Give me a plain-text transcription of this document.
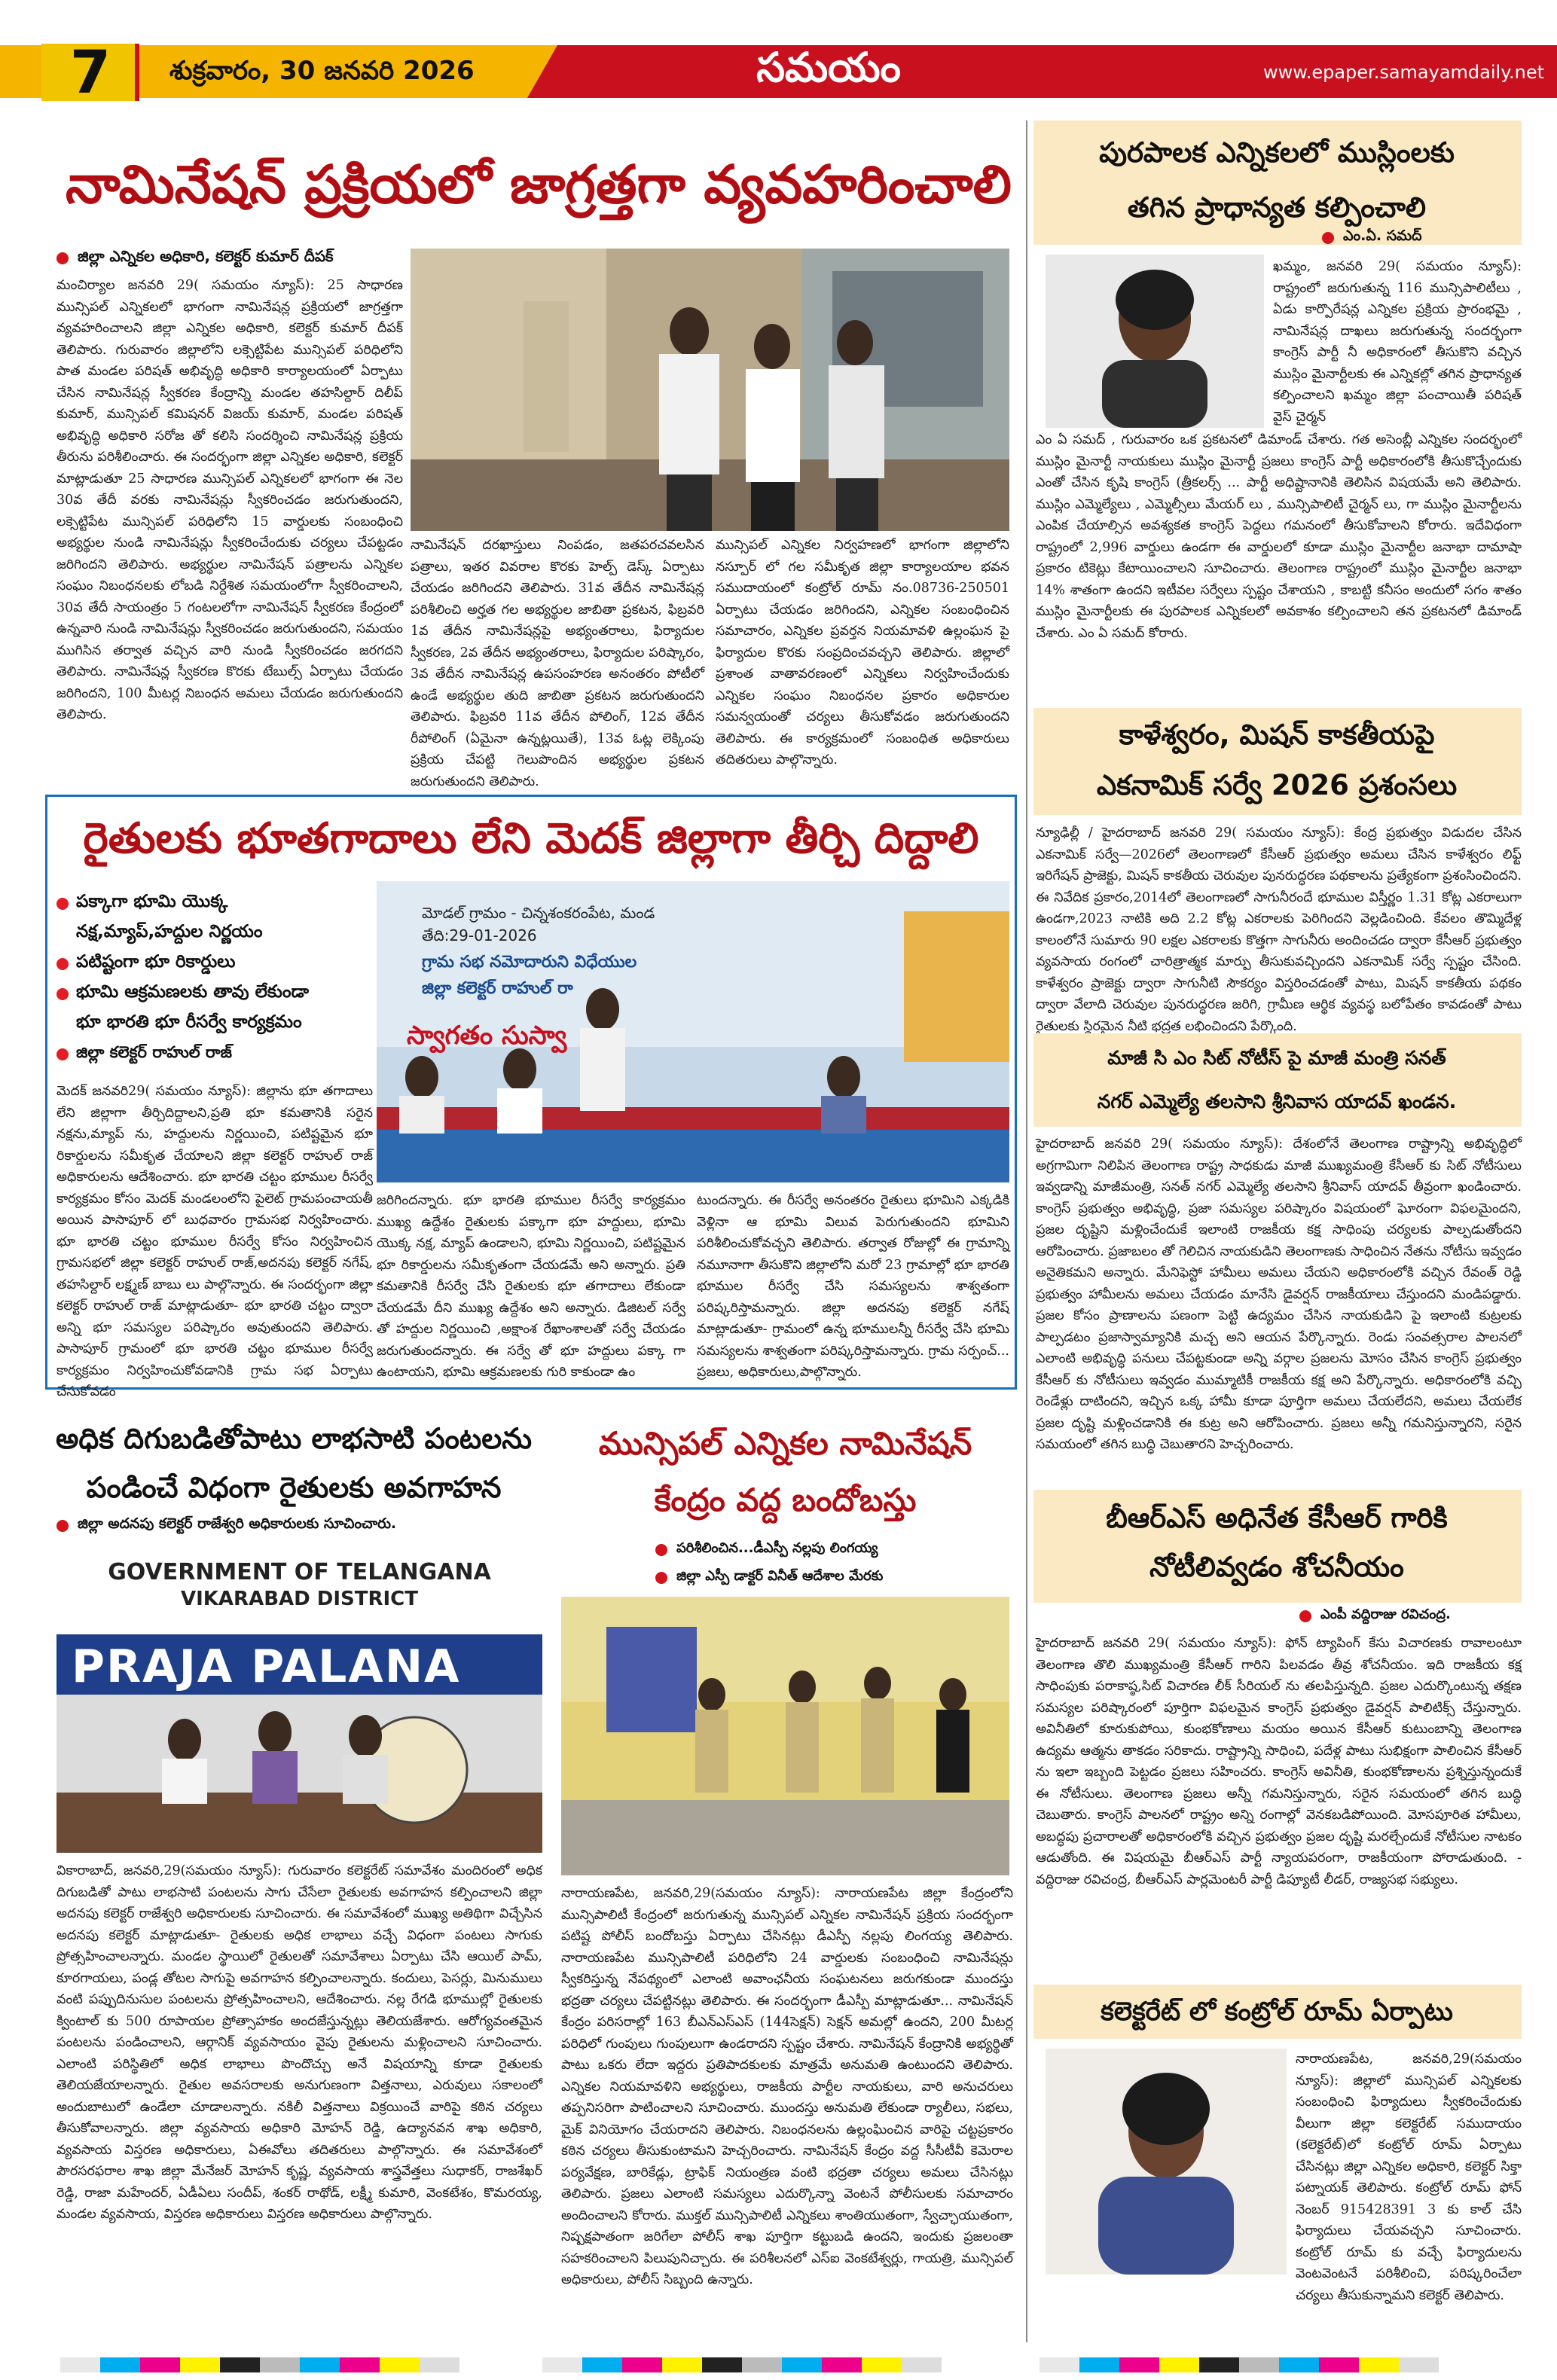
7	శుక్రవారం, 30 జనవరి 2026	సమయం	www.epaper.samayamdaily.net
నామినేషన్ ప్రక్రియలో జాగ్రత్తగా వ్యవహరించాలి
జిల్లా ఎన్నికల అధికారి, కలెక్టర్ కుమార్ దీపక్
మంచిర్యాల జనవరి 29( సమయం న్యూస్): 25 సాధారణ మున్సిపల్ ఎన్నికలలో భాగంగా నామినేషన్ల ప్రక్రియలో జాగ్రత్తగా వ్యవహరించాలని జిల్లా ఎన్నికల అధికారి, కలెక్టర్ కుమార్ దీపక్ తెలిపారు. గురువారం జిల్లాలోని లక్సెట్టిపేట మున్సిపల్ పరిధిలోని పాత మండల పరిషత్ అభివృద్ధి అధికారి కార్యాలయంలో ఏర్పాటు చేసిన నామినేషన్ల స్వీకరణ కేంద్రాన్ని మండల తహసిల్దార్ దిలీప్ కుమార్, మున్సిపల్ కమిషనర్ విజయ్ కుమార్, మండల పరిషత్ అభివృద్ధి అధికారి సరోజ తో కలిసి సందర్శించి నామినేషన్ల ప్రక్రియ తీరును పరిశీలించారు. ఈ సందర్భంగా జిల్లా ఎన్నికల అధికారి, కలెక్టర్ మాట్లాడుతూ 25 సాధారణ మున్సిపల్ ఎన్నికలలో భాగంగా ఈ నెల 30వ తేదీ వరకు నామినేషన్లు స్వీకరించడం జరుగుతుందని, లక్సెట్టిపేట మున్సిపల్ పరిధిలోని 15 వార్డులకు సంబంధించి అభ్యర్థుల నుండి నామినేషన్లు స్వీకరించేందుకు చర్యలు చేపట్టడం జరిగిందని తెలిపారు. అభ్యర్థుల నామినేషన్ పత్రాలను ఎన్నికల సంఘం నిబంధనలకు లోబడి నిర్దేశిత సమయంలోగా స్వీకరించాలని, 30వ తేదీ సాయంత్రం 5 గంటలలోగా నామినేషన్ స్వీకరణ కేంద్రంలో ఉన్నవారి నుండి నామినేషన్లు స్వీకరించడం జరుగుతుందని, సమయం ముగిసిన తర్వాత వచ్చిన వారి నుండి స్వీకరించడం జరగదని తెలిపారు. నామినేషన్ల స్వీకరణ కొరకు టేబుల్స్ ఏర్పాటు చేయడం జరిగిందని, 100 మీటర్ల నిబంధన అమలు చేయడం జరుగుతుందని తెలిపారు.
నామినేషన్ దరఖాస్తులు నింపడం, జతపరచవలసిన పత్రాలు, ఇతర వివరాల కొరకు హెల్ప్ డెస్క్ ఏర్పాటు చేయడం జరిగిందని తెలిపారు. 31వ తేదీన నామినేషన్ల పరిశీలించి అర్హత గల అభ్యర్థుల జాబితా ప్రకటన, ఫిబ్రవరి 1వ తేదీన నామినేషన్లపై అభ్యంతరాలు, ఫిర్యాదుల స్వీకరణ, 2వ తేదీన అభ్యంతరాలు, ఫిర్యాదుల పరిష్కారం, 3వ తేదీన నామినేషన్ల ఉపసంహరణ అనంతరం పోటీలో ఉండే అభ్యర్థుల తుది జాబితా ప్రకటన జరుగుతుందని తెలిపారు. ఫిబ్రవరి 11వ తేదీన పోలింగ్, 12వ తేదీన రీపోలింగ్ (ఏమైనా ఉన్నట్లయితే), 13వ ఓట్ల లెక్కింపు ప్రక్రియ చేపట్టి గెలుపొందిన అభ్యర్థుల ప్రకటన జరుగుతుందని తెలిపారు.
మున్సిపల్ ఎన్నికల నిర్వహణలో భాగంగా జిల్లాలోని నస్పూర్ లో గల సమీకృత జిల్లా కార్యాలయాల భవన సముదాయంలో కంట్రోల్ రూమ్ నం.08736-250501 ఏర్పాటు చేయడం జరిగిందని, ఎన్నికల సంబంధించిన సమాచారం, ఎన్నికల ప్రవర్తన నియమావళి ఉల్లంఘన పై ఫిర్యాదుల కొరకు సంప్రదించవచ్చని తెలిపారు. జిల్లాలో ప్రశాంత వాతావరణంలో ఎన్నికలు నిర్వహించేందుకు ఎన్నికల సంఘం నిబంధనల ప్రకారం అధికారుల సమన్వయంతో చర్యలు తీసుకోవడం జరుగుతుందని తెలిపారు. ఈ కార్యక్రమంలో సంబంధిత అధికారులు తదితరులు పాల్గొన్నారు.
రైతులకు భూతగాదాలు లేని మెదక్ జిల్లాగా తీర్చి దిద్దాలి
పక్కాగా భూమి యొక్క
నక్ష,మ్యాప్,హద్దుల నిర్ణయం
పటిష్టంగా భూ రికార్డులు
భూమి ఆక్రమణలకు తావు లేకుండా
భూ భారతి భూ రీసర్వే కార్యక్రమం
జిల్లా కలెక్టర్ రాహుల్ రాజ్
మోడల్ గ్రామం - చిన్నశంకరంపేట, మండ
తేది:29-01-2026
గ్రామ సభ నమోదారుని విధేయుల
జిల్లా కలెక్టర్ రాహుల్ రా
స్వాగతం సుస్వా
మెదక్ జనవరి29( సమయం న్యూస్): జిల్లాను భూ తగాదాలు లేని జిల్లాగా తీర్చిదిద్దాలని,ప్రతి భూ కమతానికి సరైన నక్షను,మ్యాప్ ను, హద్దులను నిర్ణయించి, పటిష్టమైన భూ రికార్డులను సమీకృత చేయాలని జిల్లా కలెక్టర్ రాహుల్ రాజ్ అధికారులను ఆదేశించారు. భూ భారతి చట్టం భూముల రీసర్వే కార్యక్రమం కోసం మెదక్ మండలంలోని పైలెట్ గ్రామపంచాయతీ అయిన పాసాపూర్ లో బుధవారం గ్రామసభ నిర్వహించారు. భూ భారతి చట్టం భూముల రీసర్వే కోసం నిర్వహించిన గ్రామసభలో జిల్లా కలెక్టర్ రాహుల్ రాజ్,అదనపు కలెక్టర్ నగేష్, తహసిల్దార్ లక్ష్మణ్ బాబు లు పాల్గొన్నారు. ఈ సందర్భంగా జిల్లా కలెక్టర్ రాహుల్ రాజ్ మాట్లాడుతూ- భూ భారతి చట్టం ద్వారా అన్ని భూ సమస్యల పరిష్కారం అవుతుందని తెలిపారు. పాసాపూర్ గ్రామంలో భూ భారతి చట్టం భూముల రీసర్వే కార్యక్రమం నిర్వహించుకోవడానికి గ్రామ సభ ఏర్పాటు చేసుకోవడం
జరిగిందన్నారు. భూ భారతి భూముల రీసర్వే కార్యక్రమం ముఖ్య ఉద్దేశం రైతులకు పక్కాగా భూ హద్దులు, భూమి యొక్క నక్ష, మ్యాప్ ఉండాలని, భూమి నిర్ణయించి, పటిష్టమైన భూ రికార్డులను సమీకృతంగా చేయడమే అని అన్నారు. ప్రతి కమతానికి రీసర్వే చేసి రైతులకు భూ తగాదాలు లేకుండా చేయడమే దీని ముఖ్య ఉద్దేశం అని అన్నారు. డిజిటల్ సర్వే తో హద్దుల నిర్ణయించి ,అక్షాంశ రేఖాంశాలతో సర్వే చేయడం జరుగుతుందన్నారు. ఈ సర్వే తో భూ హద్దులు పక్కా గా ఉంటాయని, భూమి ఆక్రమణలకు గురి కాకుండా ఉం
టుందన్నారు. ఈ రీసర్వే అనంతరం రైతులు భూమిని ఎక్కడికి వెళ్లినా ఆ భూమి విలువ పెరుగుతుందని భూమిని పరిశీలించుకోవచ్చని తెలిపారు. తర్వాత రోజుల్లో ఈ గ్రామాన్ని నమూనాగా తీసుకొని జిల్లాలోని మరో 23 గ్రామాల్లో భూ భారతి భూముల రీసర్వే చేసి సమస్యలను శాశ్వతంగా పరిష్కరిస్తామన్నారు. జిల్లా అదనపు కలెక్టర్ నగేష్ మాట్లాడుతూ- గ్రామంలో ఉన్న భూములన్నీ రీసర్వే చేసి భూమి సమస్యలను శాశ్వతంగా పరిష్కరిస్తామన్నారు. గ్రామ సర్పంచ్... ప్రజలు, అధికారులు,పాల్గొన్నారు.
అధిక దిగుబడితోపాటు లాభసాటి పంటలను
పండించే విధంగా రైతులకు అవగాహన
జిల్లా అదనపు కలెక్టర్ రాజేశ్వరి అధికారులకు సూచించారు.
GOVERNMENT OF TELANGANA
VIKARABAD DISTRICT
PRAJA PALANA
వికారాబాద్, జనవరి,29(సమయం న్యూస్): గురువారం కలెక్టరేట్ సమావేశం మందిరంలో అధిక దిగుబడితో పాటు లాభసాటి పంటలను సాగు చేసేలా రైతులకు అవగాహన కల్పించాలని జిల్లా అదనపు కలెక్టర్ రాజేశ్వరి అధికారులకు సూచించారు. ఈ సమావేశంలో ముఖ్య అతిథిగా విచ్చేసిన అదనపు కలెక్టర్ మాట్లాడుతూ- రైతులకు అధిక లాభాలు వచ్చే విధంగా పంటలు సాగుకు ప్రోత్సహించాలన్నారు. మండల స్థాయిలో రైతులతో సమావేశాలు ఏర్పాటు చేసి ఆయిల్ పామ్, కూరగాయలు, పండ్ల తోటల సాగుపై అవగాహన కల్పించాలన్నారు. కందులు, పెసర్లు, మినుములు వంటి పప్పుదినుసుల పంటలను ప్రోత్సహించాలని, ఆదేశించారు. నల్ల రేగడి భూముల్లో రైతులకు క్వింటాల్ కు 500 రూపాయల ప్రోత్సాహకం అందజేస్తున్నట్లు తెలియజేశారు. ఆరోగ్యవంతమైన పంటలను పండించాలని, ఆర్గానిక్ వ్యవసాయం వైపు రైతులను మళ్లించాలని సూచించారు. ఎలాంటి పరిస్థితిలో అధిక లాభాలు పొందొచ్చు అనే విషయాన్ని కూడా రైతులకు తెలియజేయాలన్నారు. రైతుల అవసరాలకు అనుగుణంగా విత్తనాలు, ఎరువులు సకాలంలో అందుబాటులో ఉండేలా చూడాలన్నారు. నకిలీ విత్తనాలు విక్రయించే వారిపై కఠిన చర్యలు తీసుకోవాలన్నారు. జిల్లా వ్యవసాయ అధికారి మోహన్ రెడ్డి, ఉద్యానవన శాఖ అధికారి, వ్యవసాయ విస్తరణ అధికారులు, ఏఈవోలు తదితరులు పాల్గొన్నారు. ఈ సమావేశంలో పౌరసరఫరాల శాఖ జిల్లా మేనేజర్ మోహన్ కృష్ణ, వ్యవసాయ శాస్త్రవేత్తలు సుధాకర్, రాజశేఖర్ రెడ్డి, రాజా మహేందర్, ఏడీఏలు సందీప్, శంకర్ రాథోడ్, లక్ష్మీ కుమారి, వెంకటేశం, కొమరయ్య, మండల వ్యవసాయ, విస్తరణ అధికారులు విస్తరణ అధికారులు పాల్గొన్నారు.
మున్సిపల్ ఎన్నికల నామినేషన్
కేంద్రం వద్ద బందోబస్తు
పరిశీలించిన...డీఎస్పీ నల్లపు లింగయ్య
జిల్లా ఎస్పీ డాక్టర్ వినీత్ ఆదేశాల మేరకు
నారాయణపేట, జనవరి,29(సమయం న్యూస్): నారాయణపేట జిల్లా కేంద్రంలోని మున్సిపాలిటీ కేంద్రంలో జరుగుతున్న మున్సిపల్ ఎన్నికల నామినేషన్ ప్రక్రియ సందర్భంగా పటిష్ట పోలీస్ బందోబస్తు ఏర్పాటు చేసినట్లు డీఎస్పీ నల్లపు లింగయ్య తెలిపారు. నారాయణపేట మున్సిపాలిటీ పరిధిలోని 24 వార్డులకు సంబంధించి నామినేషన్లు స్వీకరిస్తున్న నేపథ్యంలో ఎలాంటి అవాంఛనీయ సంఘటనలు జరుగకుండా ముందస్తు భద్రతా చర్యలు చేపట్టినట్లు తెలిపారు. ఈ సందర్భంగా డీఎస్పీ మాట్లాడుతూ... నామినేషన్ కేంద్రం పరిసరాల్లో 163 బీఎన్ఎస్ఎస్ (144సెక్షన్) సెక్షన్ అమల్లో ఉందని, 200 మీటర్ల పరిధిలో గుంపులు గుంపులుగా ఉండరాదని స్పష్టం చేశారు. నామినేషన్ కేంద్రానికి అభ్యర్థితో పాటు ఒకరు లేదా ఇద్దరు ప్రతిపాదకులకు మాత్రమే అనుమతి ఉంటుందని తెలిపారు. ఎన్నికల నియమావళిని అభ్యర్థులు, రాజకీయ పార్టీల నాయకులు, వారి అనుచరులు తప్పనిసరిగా పాటించాలని సూచించారు. ముందస్తు అనుమతి లేకుండా ర్యాలీలు, సభలు, మైక్ వినియోగం చేయరాదని తెలిపారు. నిబంధనలను ఉల్లంఘించిన వారిపై చట్టప్రకారం కఠిన చర్యలు తీసుకుంటామని హెచ్చరించారు. నామినేషన్ కేంద్రం వద్ద సీసీటీవీ కెమెరాల పర్యవేక్షణ, బారికేడ్లు, ట్రాఫిక్ నియంత్రణ వంటి భద్రతా చర్యలు అమలు చేసినట్లు తెలిపారు. ప్రజలు ఎలాంటి సమస్యలు ఎదుర్కొన్నా వెంటనే పోలీసులకు సమాచారం అందించాలని కోరారు. ముక్తల్ మున్సిపాలిటీ ఎన్నికలు శాంతియుతంగా, స్వేచ్ఛాయుతంగా, నిష్పక్షపాతంగా జరిగేలా పోలీస్ శాఖ పూర్తిగా కట్టుబడి ఉందని, ఇందుకు ప్రజలంతా సహకరించాలని పిలుపునిచ్చారు. ఈ పరిశీలనలో ఎస్ఐ వెంకటేశ్వర్లు, గాయత్రి, మున్సిపల్ అధికారులు, పోలీస్ సిబ్బంది ఉన్నారు.
పురపాలక ఎన్నికలలో ముస్లింలకు
తగిన ప్రాధాన్యత కల్పించాలి
ఎం.ఏ. సమద్
ఖమ్మం, జనవరి 29( సమయం న్యూస్): రాష్ట్రంలో జరుగుతున్న 116 మున్సిపాలిటీలు , ఏడు కార్పొరేషన్ల ఎన్నికల ప్రక్రియ ప్రారంభమై , నామినేషన్ల దాఖలు జరుగుతున్న సందర్భంగా కాంగ్రెస్ పార్టీ నీ అధికారంలో తీసుకొని వచ్చిన ముస్లిం మైనార్టీలకు ఈ ఎన్నికల్లో తగిన ప్రాధాన్యత కల్పించాలని ఖమ్మం జిల్లా పంచాయితీ పరిషత్ వైస్ చైర్మన్
ఎం ఏ సమద్ , గురువారం ఒక ప్రకటనలో డిమాండ్ చేశారు. గత అసెంబ్లీ ఎన్నికల సందర్భంలో ముస్లిం మైనార్టీ నాయకులు ముస్లిం మైనార్టీ ప్రజలు కాంగ్రెస్ పార్టీ అధికారంలోకి తీసుకొచ్చేందుకు ఎంతో చేసిన కృషి కాంగ్రెస్ (త్రీకలర్స్ ... పార్టీ అధిష్టానానికి తెలిసిన విషయమే అని తెలిపారు. ముస్లిం ఎమ్మెల్యేలు , ఎమ్మెల్సీలు మేయర్ లు , మున్సిపాలిటీ చైర్మన్ లు, గా ముస్లిం మైనార్టీలను ఎంపిక చేయాల్సిన అవశ్యకత కాంగ్రెస్ పెద్దలు గమనంలో తీసుకోవాలని కోరారు. ఇదేవిధంగా రాష్ట్రంలో 2,996 వార్డులు ఉండగా ఈ వార్డులలో కూడా ముస్లిం మైనార్టీల జనాభా దామాషా ప్రకారం టికెట్లు కేటాయించాలని సూచించారు. తెలంగాణ రాష్ట్రంలో ముస్లిం మైనార్టీల జనాభా 14% శాతంగా ఉందని ఇటీవల సర్వేలు స్పష్టం చేశాయని , కాబట్టి కనీసం అందులో సగం శాతం ముస్లిం మైనార్టీలకు ఈ పురపాలక ఎన్నికలలో అవకాశం కల్పించాలని తన ప్రకటనలో డిమాండ్ చేశారు. ఎం ఏ సమద్ కోరారు.
కాళేశ్వరం, మిషన్ కాకతీయపై
ఎకనామిక్ సర్వే 2026 ప్రశంసలు
న్యూఢిల్లీ / హైదరాబాద్ జనవరి 29( సమయం న్యూస్): కేంద్ర ప్రభుత్వం విడుదల చేసిన ఎకనామిక్ సర్వే—2026లో తెలంగాణలో కేసీఆర్ ప్రభుత్వం అమలు చేసిన కాళేశ్వరం లిఫ్ట్ ఇరిగేషన్ ప్రాజెక్టు, మిషన్ కాకతీయ చెరువుల పునరుద్ధరణ పథకాలను ప్రత్యేకంగా ప్రశంసించిందని. ఈ నివేదిక ప్రకారం,2014లో తెలంగాణలో సాగునీరందే భూముల విస్తీర్ణం 1.31 కోట్ల ఎకరాలుగా ఉండగా,2023 నాటికి అది 2.2 కోట్ల ఎకరాలకు పెరిగిందని వెల్లడించింది. కేవలం తొమ్మిదేళ్ల కాలంలోనే సుమారు 90 లక్షల ఎకరాలకు కొత్తగా సాగునీరు అందించడం ద్వారా కేసీఆర్ ప్రభుత్వం వ్యవసాయ రంగంలో చారిత్రాత్మక మార్పు తీసుకువచ్చిందని ఎకనామిక్ సర్వే స్పష్టం చేసింది. కాళేశ్వరం ప్రాజెక్టు ద్వారా సాగునీటి సౌకర్యం విస్తరించడంతో పాటు, మిషన్ కాకతీయ పథకం ద్వారా వేలాది చెరువుల పునరుద్ధరణ జరిగి, గ్రామీణ ఆర్థిక వ్యవస్థ బలోపేతం కావడంతో పాటు రైతులకు స్థిరమైన నీటి భద్రత లభించిందని పేర్కొంది.
మాజీ సి ఎం సిట్ నోటీస్ పై మాజీ మంత్రి సనత్
నగర్ ఎమ్మెల్యే తలసాని శ్రీనివాస యాదవ్ ఖండన.
హైదరాబాద్ జనవరి 29( సమయం న్యూస్): దేశంలోనే తెలంగాణ రాష్ట్రాన్ని అభివృద్ధిలో అగ్రగామిగా నిలిపిన తెలంగాణ రాష్ట్ర సాధకుడు మాజీ ముఖ్యమంత్రి కేసీఆర్ కు సిట్ నోటీసులు ఇవ్వడాన్ని మాజీమంత్రి, సనత్ నగర్ ఎమ్మెల్యే తలసాని శ్రీనివాస్ యాదవ్ తీవ్రంగా ఖండించారు. కాంగ్రెస్ ప్రభుత్వం అభివృద్ధి, ప్రజా సమస్యల పరిష్కారం విషయంలో ఘోరంగా విఫలమైందని, ప్రజల దృష్టిని మళ్లించేందుకే ఇలాంటి రాజకీయ కక్ష సాధింపు చర్యలకు పాల్పడుతోందని ఆరోపించారు. ప్రజాబలం తో గెలిచిన నాయకుడిని తెలంగాణకు సాధించిన నేతను నోటీసు ఇవ్వడం అనైతికమని అన్నారు. మేనిఫెస్టో హామీలు అమలు చేయని అధికారంలోకి వచ్చిన రేవంత్ రెడ్డి ప్రభుత్వం హామీలను అమలు చేయడం మానేసి డైవర్షన్ రాజకీయాలు చేస్తుందని మండిపడ్డారు. ప్రజల కోసం ప్రాణాలను పణంగా పెట్టి ఉద్యమం చేసిన నాయకుడిని పై ఇలాంటి కుట్రలకు పాల్పడటం ప్రజాస్వామ్యానికి మచ్చ అని ఆయన పేర్కొన్నారు. రెండు సంవత్సరాల పాలనలో ఎలాంటి అభివృద్ధి పనులు చేపట్టకుండా అన్ని వర్గాల ప్రజలను మోసం చేసిన కాంగ్రెస్ ప్రభుత్వం కేసీఆర్ కు నోటీసులు ఇవ్వడం ముమ్మాటికీ రాజకీయ కక్ష అని పేర్కొన్నారు. అధికారంలోకి వచ్చి రెండేళ్లు దాటిందని, ఇచ్చిన ఒక్క హామీ కూడా పూర్తిగా అమలు చేయలేదని, అమలు చేయలేక ప్రజల దృష్టి మళ్లించడానికి ఈ కుట్ర అని ఆరోపించారు. ప్రజలు అన్నీ గమనిస్తున్నారని, సరైన సమయంలో తగిన బుద్ధి చెబుతారని హెచ్చరించారు.
బీఆర్ఎస్ అధినేత కేసీఆర్ గారికి
నోటీలివ్వడం శోచనీయం
ఎంపీ వద్దిరాజు రవిచంద్ర.
హైదరాబాద్ జనవరి 29( సమయం న్యూస్): ఫోన్ ట్యాపింగ్ కేసు విచారణకు రావాలంటూ తెలంగాణ తొలి ముఖ్యమంత్రి కేసీఆర్ గారిని పిలవడం తీవ్ర శోచనీయం. ఇది రాజకీయ కక్ష సాధింపుకు పరాకాష్ఠ,సిట్ విచారణ లీక్ సీరియల్ ను తలపిస్తున్నది. ప్రజల ఎదుర్కొంటున్న తక్షణ సమస్యల పరిష్కారంలో పూర్తిగా విఫలమైన కాంగ్రెస్ ప్రభుత్వం డైవర్షన్ పాలిటిక్స్ చేస్తున్నారు. అవినీతిలో కూరుకుపోయి, కుంభకోణాలు మయం అయిన కేసీఆర్ కుటుంబాన్ని తెలంగాణ ఉద్యమ ఆత్మను తాకడం సరికాదు. రాష్ట్రాన్ని సాధించి, పదేళ్ల పాటు సుభిక్షంగా పాలించిన కేసీఆర్ ను ఇలా ఇబ్బంది పెట్టడం ప్రజలు సహించరు. కాంగ్రెస్ అవినీతి, కుంభకోణాలను ప్రశ్నిస్తున్నందుకే ఈ నోటీసులు. తెలంగాణ ప్రజలు అన్నీ గమనిస్తున్నారు, సరైన సమయంలో తగిన బుద్ధి చెబుతారు. కాంగ్రెస్ పాలనలో రాష్ట్రం అన్ని రంగాల్లో వెనకబడిపోయింది. మోసపూరిత హామీలు, అబద్ధపు ప్రచారాలతో అధికారంలోకి వచ్చిన ప్రభుత్వం ప్రజల దృష్టి మరల్చేందుకే నోటీసుల నాటకం ఆడుతోంది. ఈ విషయమై బీఆర్ఎస్ పార్టీ న్యాయపరంగా, రాజకీయంగా పోరాడుతుంది. - వద్దిరాజు రవిచంద్ర, బీఆర్ఎస్ పార్లమెంటరీ పార్టీ డిప్యూటీ లీడర్, రాజ్యసభ సభ్యులు.
కలెక్టరేట్ లో కంట్రోల్ రూమ్ ఏర్పాటు
నారాయణపేట, జనవరి,29(సమయం న్యూస్): జిల్లాలో మున్సిపల్ ఎన్నికలకు సంబంధించి ఫిర్యాదులు స్వీకరించేందుకు వీలుగా జిల్లా కలెక్టరేట్ సముదాయం (కలెక్టరేట్)లో కంట్రోల్ రూమ్ ఏర్పాటు చేసినట్లు జిల్లా ఎన్నికల అధికారి, కలెక్టర్ సిక్తా పట్నాయక్ తెలిపారు. కంట్రోల్ రూమ్ ఫోన్ నెంబర్ 915428391 3 కు కాల్ చేసి ఫిర్యాదులు చేయవచ్చని సూచించారు. కంట్రోల్ రూమ్ కు వచ్చే ఫిర్యాదులను వెంటవెంటనే పరిశీలించి, పరిష్కరించేలా చర్యలు తీసుకున్నామని కలెక్టర్ తెలిపారు.
